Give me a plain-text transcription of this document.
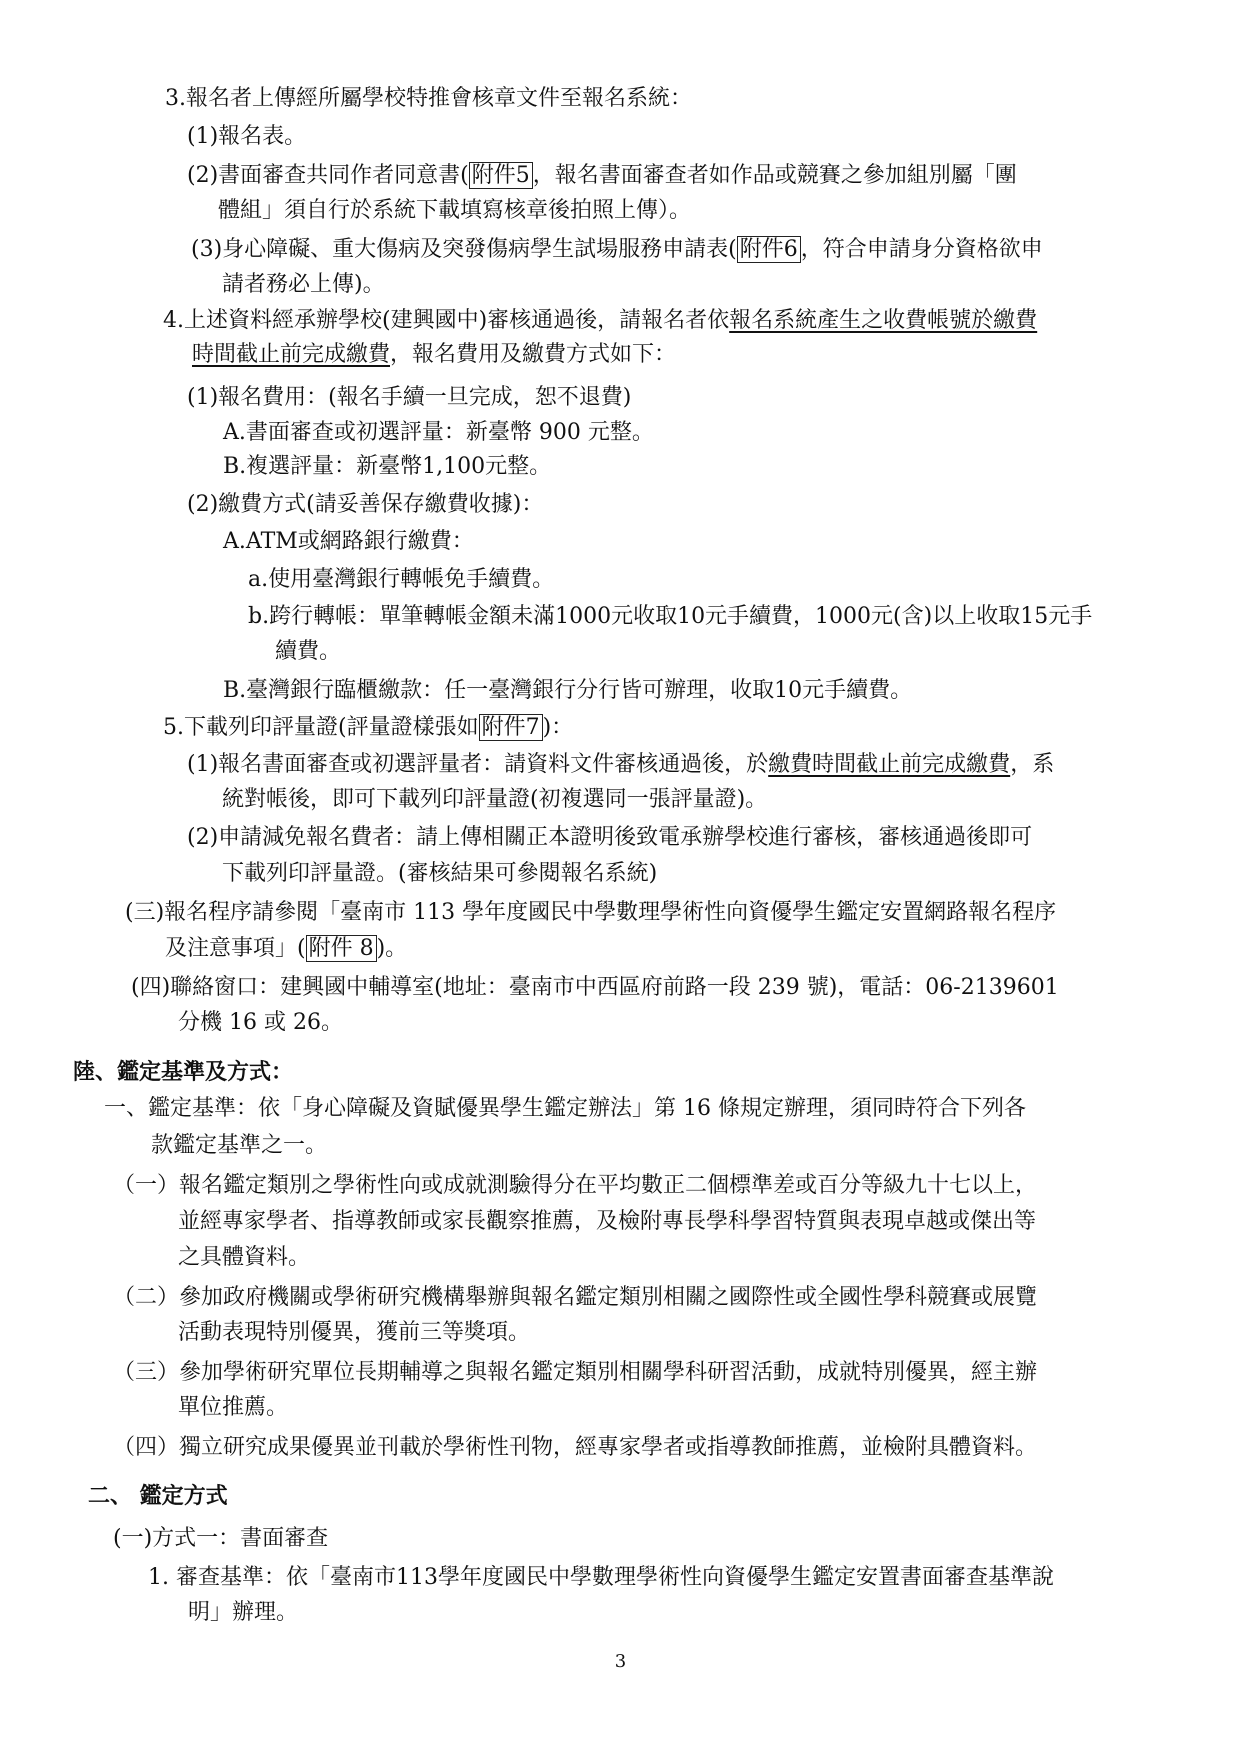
3.報名者上傳經所屬學校特推會核章文件至報名系統：
(1)報名表。
(2)書面審查共同作者同意書( 附件5 ，報名書面審查者如作品或競賽之參加組別屬「團
體組」須自行於系統下載填寫核章後拍照上傳）。
(3)身心障礙、重大傷病及突發傷病學生試場服務申請表( 附件6 ，符合申請身分資格欲申
請者務必上傳)。
4.上述資料經承辦學校(建興國中)審核通過後，請報名者依報名系統產生之收費帳號於繳費
時間截止前完成繳費，報名費用及繳費方式如下：
(1)報名費用：(報名手續一旦完成，恕不退費)
A.書面審查或初選評量：新臺幣 900 元整。
B.複選評量：新臺幣1,100元整。
(2)繳費方式(請妥善保存繳費收據)：
A.ATM或網路銀行繳費：
a.使用臺灣銀行轉帳免手續費。
b.跨行轉帳：單筆轉帳金額未滿1000元收取10元手續費，1000元(含)以上收取15元手
續費。
B.臺灣銀行臨櫃繳款：任一臺灣銀行分行皆可辦理，收取10元手續費。
5.下載列印評量證(評量證樣張如 附件7 )：
(1)報名書面審查或初選評量者：請資料文件審核通過後，於繳費時間截止前完成繳費，系
統對帳後，即可下載列印評量證(初複選同一張評量證)。
(2)申請減免報名費者：請上傳相關正本證明後致電承辦學校進行審核，審核通過後即可
下載列印評量證。(審核結果可參閱報名系統)
(三)報名程序請參閱「臺南市 113 學年度國民中學數理學術性向資優學生鑑定安置網路報名程序
及注意事項」( 附件 8 )。
(四)聯絡窗口：建興國中輔導室(地址：臺南市中西區府前路一段 239 號)，電話：06-2139601
分機 16 或 26。
陸、鑑定基準及方式：
一、鑑定基準：依「身心障礙及資賦優異學生鑑定辦法」第 16 條規定辦理，須同時符合下列各
款鑑定基準之一。
（一）報名鑑定類別之學術性向或成就測驗得分在平均數正二個標準差或百分等級九十七以上，
並經專家學者、指導教師或家長觀察推薦，及檢附專長學科學習特質與表現卓越或傑出等
之具體資料。
（二）參加政府機關或學術研究機構舉辦與報名鑑定類別相關之國際性或全國性學科競賽或展覽
活動表現特別優異，獲前三等獎項。
（三）參加學術研究單位長期輔導之與報名鑑定類別相關學科研習活動，成就特別優異，經主辦
單位推薦。
（四）獨立研究成果優異並刊載於學術性刊物，經專家學者或指導教師推薦，並檢附具體資料。
二、 鑑定方式
(一)方式一：書面審查
1. 審查基準：依「臺南市113學年度國民中學數理學術性向資優學生鑑定安置書面審查基準說
明」辦理。
3
